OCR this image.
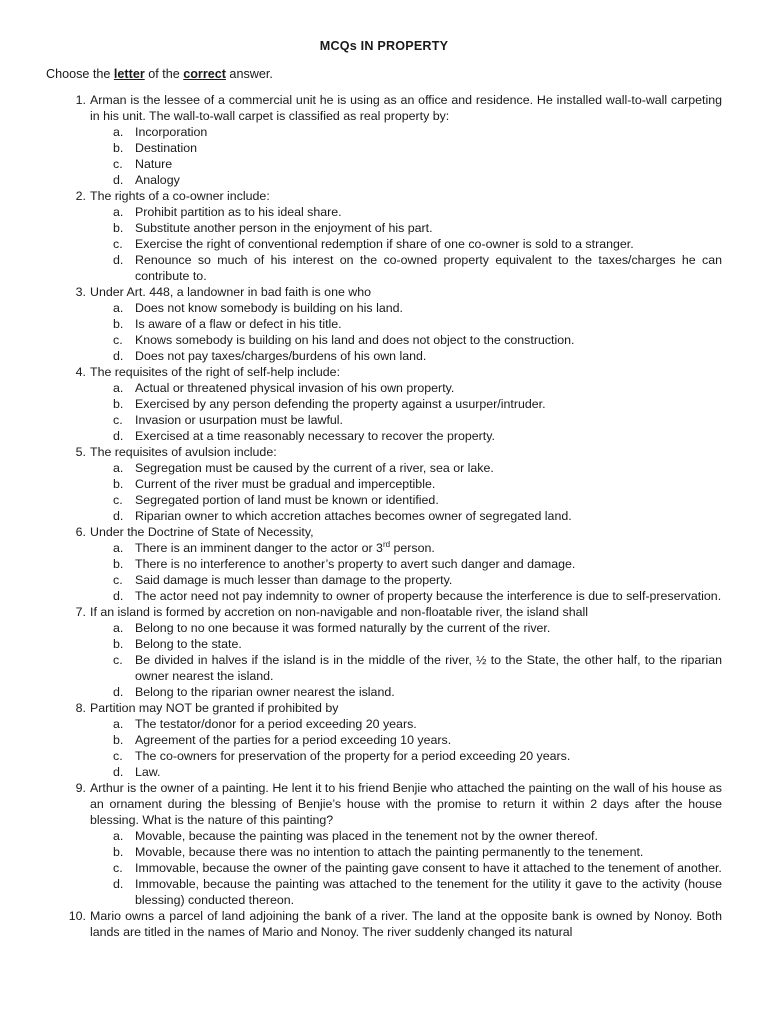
MCQs IN PROPERTY
Choose the letter of the correct answer.
1. Arman is the lessee of a commercial unit he is using as an office and residence. He installed wall-to-wall carpeting in his unit. The wall-to-wall carpet is classified as real property by:
a. Incorporation
b. Destination
c. Nature
d. Analogy
2. The rights of a co-owner include:
a. Prohibit partition as to his ideal share.
b. Substitute another person in the enjoyment of his part.
c. Exercise the right of conventional redemption if share of one co-owner is sold to a stranger.
d. Renounce so much of his interest on the co-owned property equivalent to the taxes/charges he can contribute to.
3. Under Art. 448, a landowner in bad faith is one who
a. Does not know somebody is building on his land.
b. Is aware of a flaw or defect in his title.
c. Knows somebody is building on his land and does not object to the construction.
d. Does not pay taxes/charges/burdens of his own land.
4. The requisites of the right of self-help include:
a. Actual or threatened physical invasion of his own property.
b. Exercised by any person defending the property against a usurper/intruder.
c. Invasion or usurpation must be lawful.
d. Exercised at a time reasonably necessary to recover the property.
5. The requisites of avulsion include:
a. Segregation must be caused by the current of a river, sea or lake.
b. Current of the river must be gradual and imperceptible.
c. Segregated portion of land must be known or identified.
d. Riparian owner to which accretion attaches becomes owner of segregated land.
6. Under the Doctrine of State of Necessity,
a. There is an imminent danger to the actor or 3rd person.
b. There is no interference to another’s property to avert such danger and damage.
c. Said damage is much lesser than damage to the property.
d. The actor need not pay indemnity to owner of property because the interference is due to self-preservation.
7. If an island is formed by accretion on non-navigable and non-floatable river, the island shall
a. Belong to no one because it was formed naturally by the current of the river.
b. Belong to the state.
c. Be divided in halves if the island is in the middle of the river, ½ to the State, the other half, to the riparian owner nearest the island.
d. Belong to the riparian owner nearest the island.
8. Partition may NOT be granted if prohibited by
a. The testator/donor for a period exceeding 20 years.
b. Agreement of the parties for a period exceeding 10 years.
c. The co-owners for preservation of the property for a period exceeding 20 years.
d. Law.
9. Arthur is the owner of a painting. He lent it to his friend Benjie who attached the painting on the wall of his house as an ornament during the blessing of Benjie’s house with the promise to return it within 2 days after the house blessing. What is the nature of this painting?
a. Movable, because the painting was placed in the tenement not by the owner thereof.
b. Movable, because there was no intention to attach the painting permanently to the tenement.
c. Immovable, because the owner of the painting gave consent to have it attached to the tenement of another.
d. Immovable, because the painting was attached to the tenement for the utility it gave to the activity (house blessing) conducted thereon.
10. Mario owns a parcel of land adjoining the bank of a river. The land at the opposite bank is owned by Nonoy. Both lands are titled in the names of Mario and Nonoy. The river suddenly changed its natural
